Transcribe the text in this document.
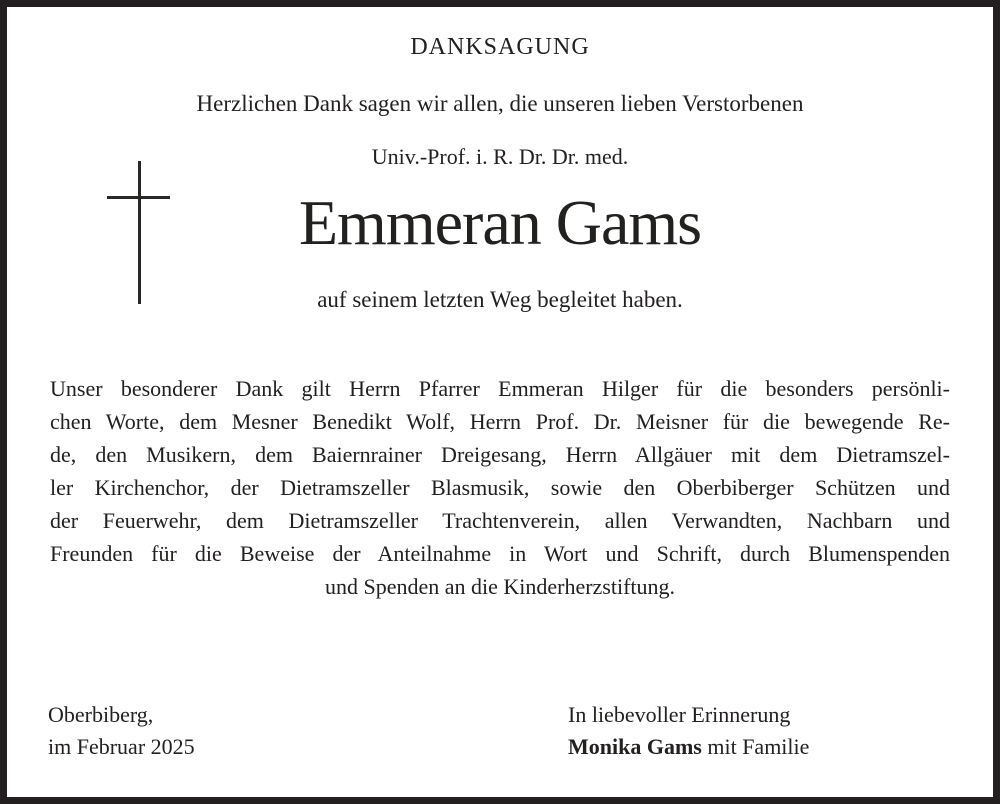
DANKSAGUNG
Herzlichen Dank sagen wir allen, die unseren lieben Verstorbenen
Univ.-Prof. i. R. Dr. Dr. med.
Emmeran Gams
auf seinem letzten Weg begleitet haben.
Unser besonderer Dank gilt Herrn Pfarrer Emmeran Hilger für die besonders persönli-
chen Worte, dem Mesner Benedikt Wolf, Herrn Prof. Dr. Meisner für die bewegende Re-
de, den Musikern, dem Baiernrainer Dreigesang, Herrn Allgäuer mit dem Dietramszel-
ler Kirchenchor, der Dietramszeller Blasmusik, sowie den Oberbiberger Schützen und
der Feuerwehr, dem Dietramszeller Trachtenverein, allen Verwandten, Nachbarn und
Freunden für die Beweise der Anteilnahme in Wort und Schrift, durch Blumenspenden
und Spenden an die Kinderherzstiftung.
Oberbiberg,
im Februar 2025
In liebevoller Erinnerung
Monika Gams mit Familie
